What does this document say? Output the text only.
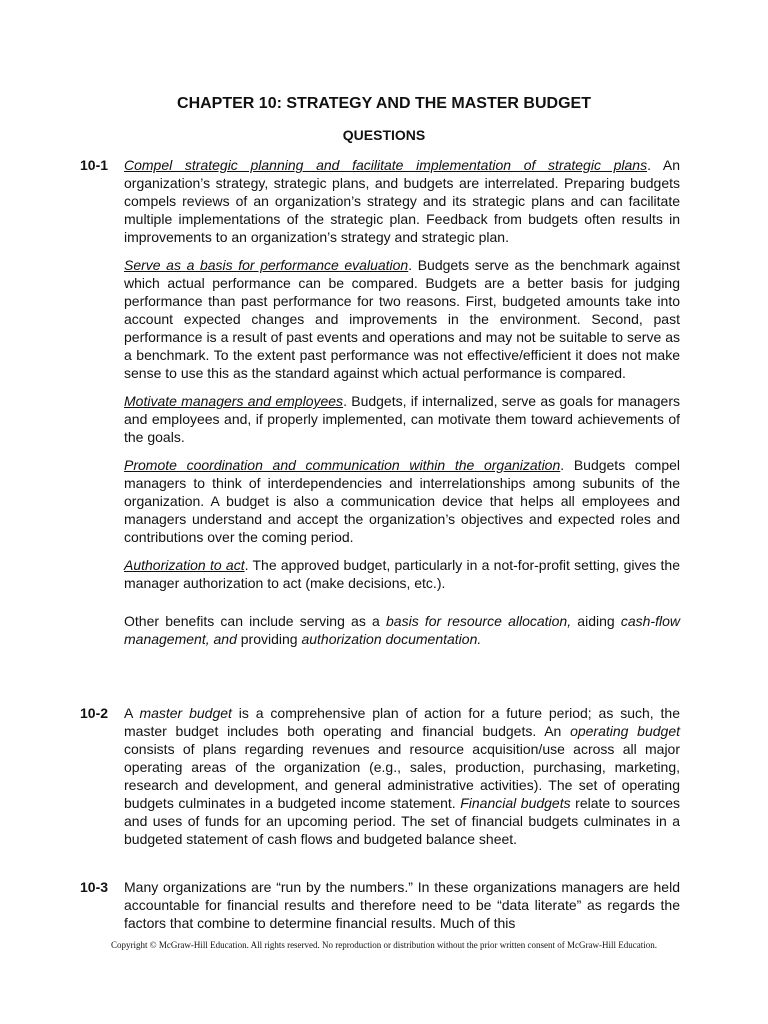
CHAPTER 10: STRATEGY AND THE MASTER BUDGET
QUESTIONS
10-1 Compel strategic planning and facilitate implementation of strategic plans. An organization’s strategy, strategic plans, and budgets are interrelated. Preparing budgets compels reviews of an organization’s strategy and its strategic plans and can facilitate multiple implementations of the strategic plan. Feedback from budgets often results in improvements to an organization’s strategy and strategic plan.

Serve as a basis for performance evaluation. Budgets serve as the benchmark against which actual performance can be compared. Budgets are a better basis for judging performance than past performance for two reasons. First, budgeted amounts take into account expected changes and improvements in the environment. Second, past performance is a result of past events and operations and may not be suitable to serve as a benchmark. To the extent past performance was not effective/efficient it does not make sense to use this as the standard against which actual performance is compared.

Motivate managers and employees. Budgets, if internalized, serve as goals for managers and employees and, if properly implemented, can motivate them toward achievements of the goals.

Promote coordination and communication within the organization. Budgets compel managers to think of interdependencies and interrelationships among subunits of the organization. A budget is also a communication device that helps all employees and managers understand and accept the organization’s objectives and expected roles and contributions over the coming period.

Authorization to act. The approved budget, particularly in a not-for-profit setting, gives the manager authorization to act (make decisions, etc.).

Other benefits can include serving as a basis for resource allocation, aiding cash-flow management, and providing authorization documentation.

10-2 A master budget is a comprehensive plan of action for a future period; as such, the master budget includes both operating and financial budgets. An operating budget consists of plans regarding revenues and resource acquisition/use across all major operating areas of the organization (e.g., sales, production, purchasing, marketing, research and development, and general administrative activities). The set of operating budgets culminates in a budgeted income statement. Financial budgets relate to sources and uses of funds for an upcoming period. The set of financial budgets culminates in a budgeted statement of cash flows and budgeted balance sheet.

10-3 Many organizations are “run by the numbers.” In these organizations managers are held accountable for financial results and therefore need to be “data literate” as regards the factors that combine to determine financial results. Much of this

Copyright © McGraw-Hill Education. All rights reserved. No reproduction or distribution without the prior written consent of McGraw-Hill Education.
